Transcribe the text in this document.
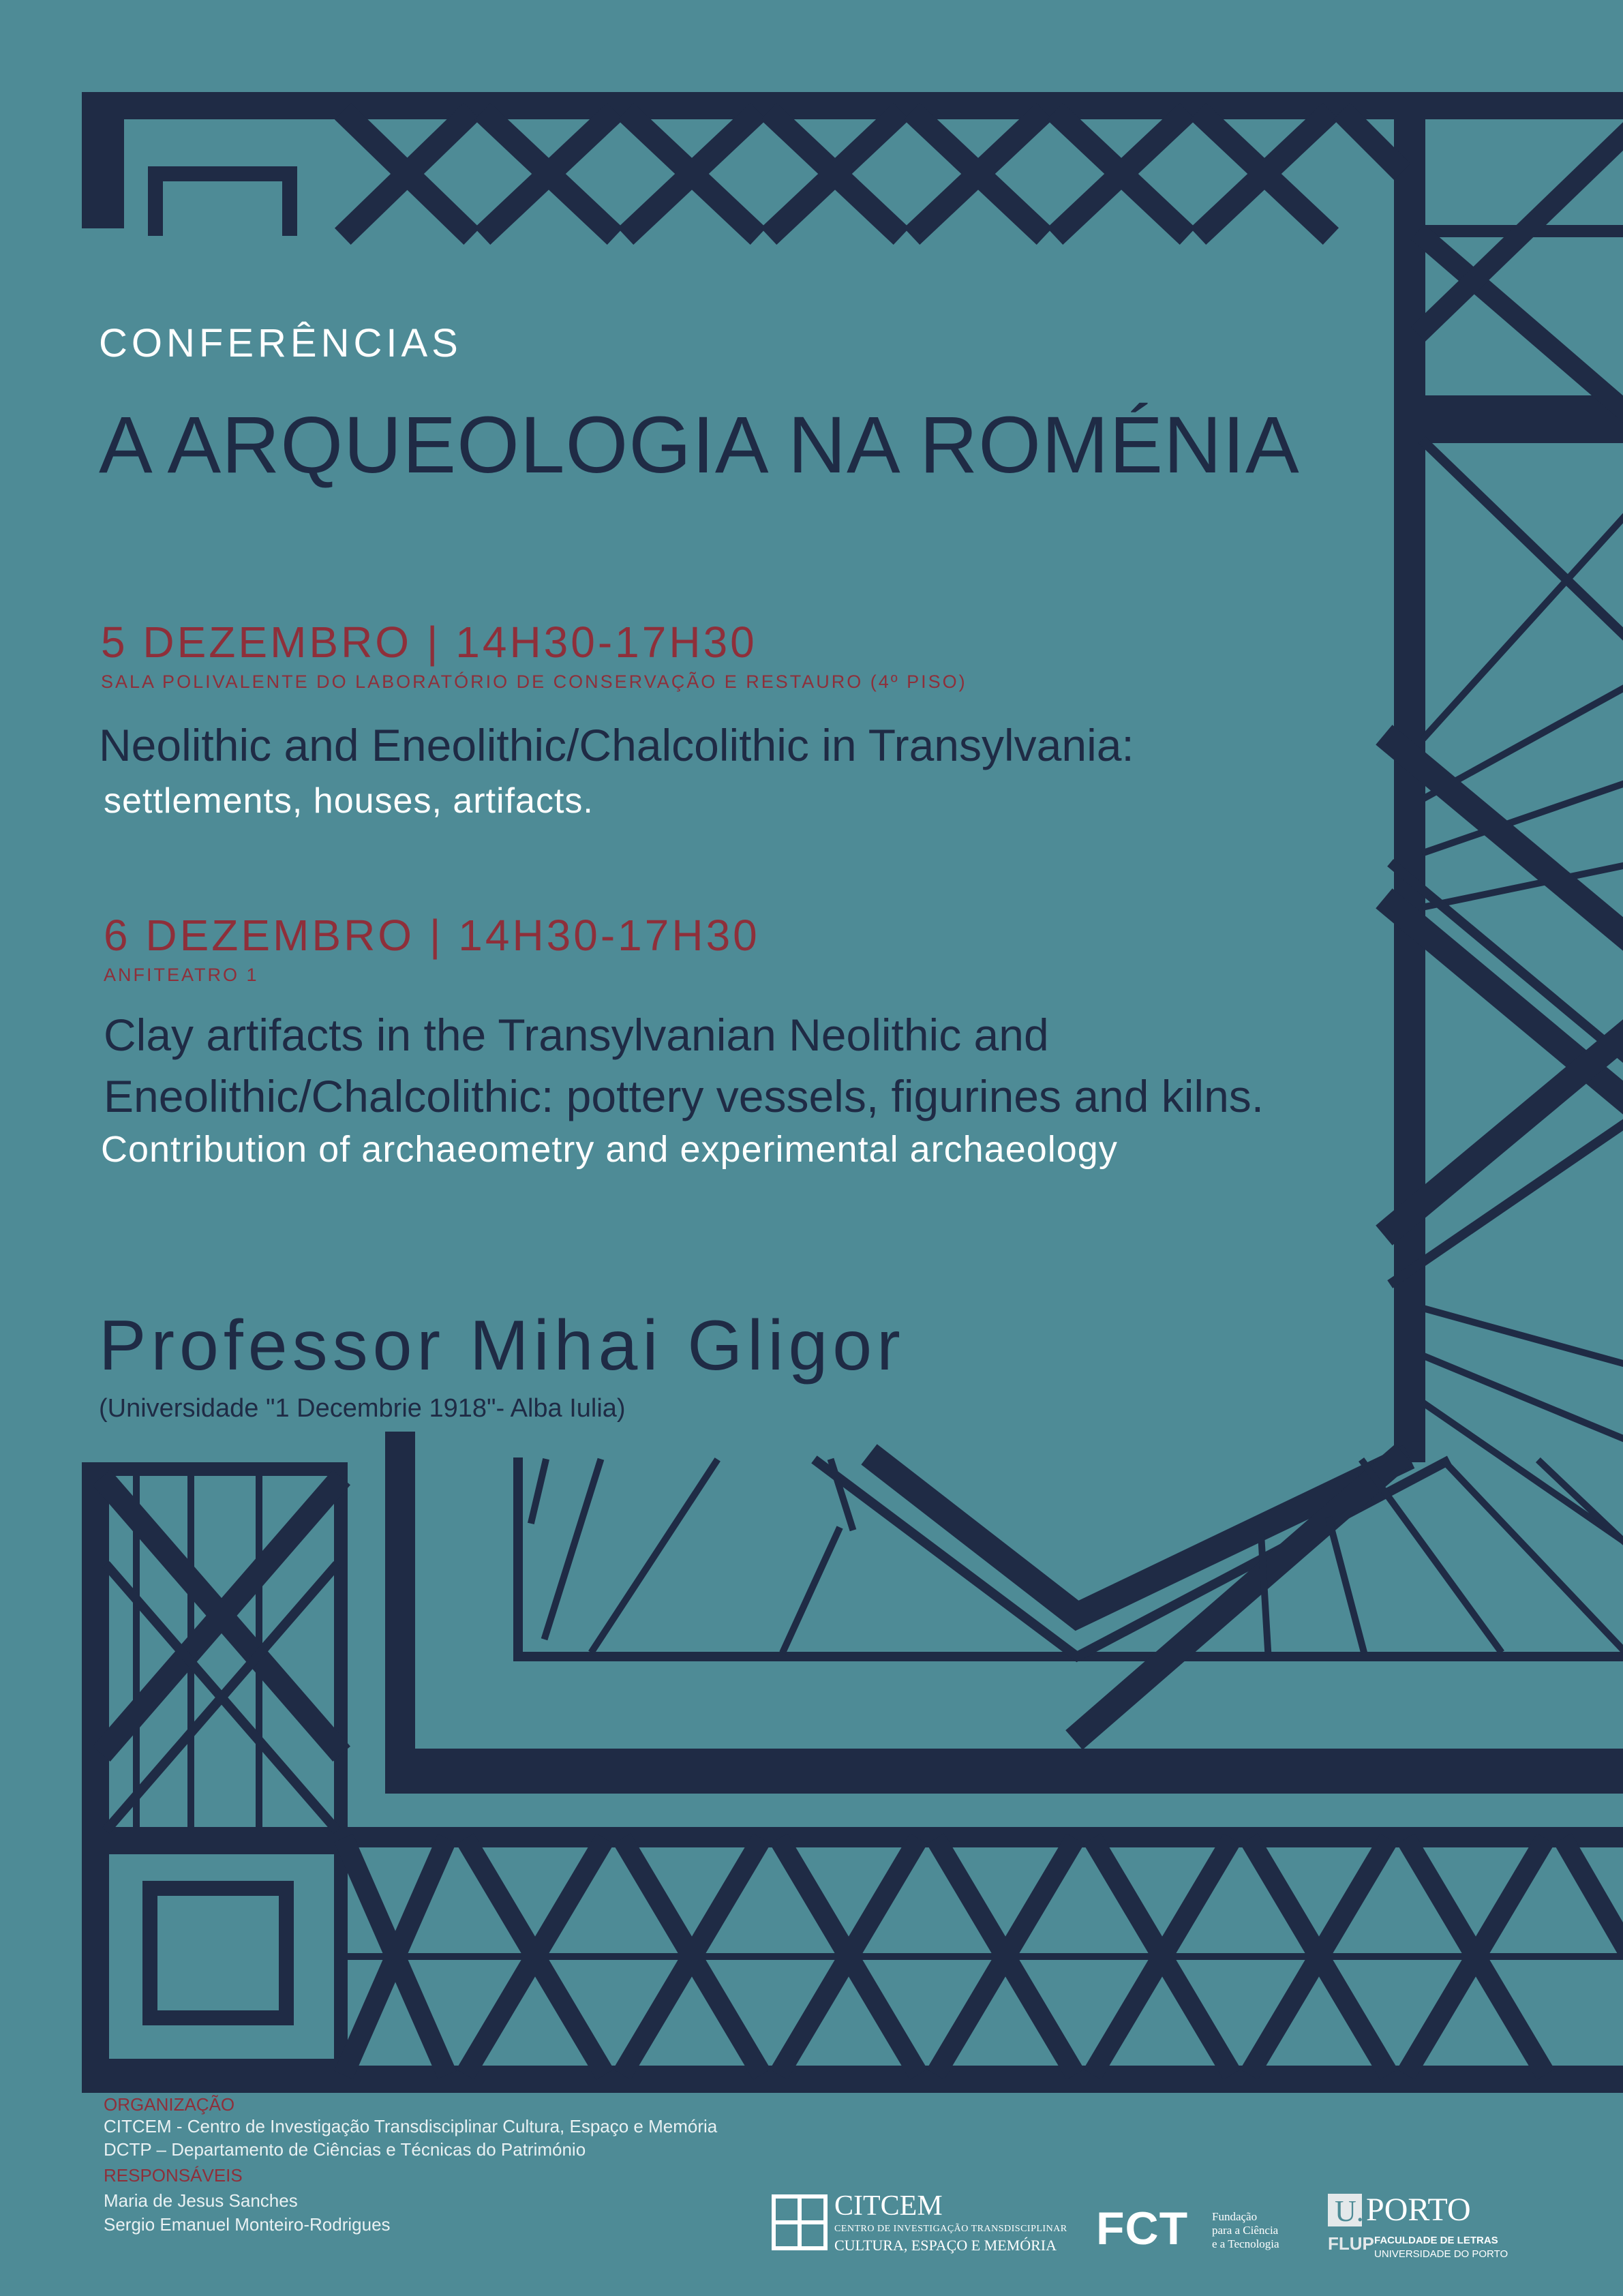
CONFERÊNCIAS

A ARQUEOLOGIA NA ROMÉNIA

5 DEZEMBRO | 14H30-17H30

SALA POLIVALENTE DO LABORATÓRIO DE CONSERVAÇÃO E RESTAURO (4º PISO)

Neolithic and Eneolithic/Chalcolithic in Transylvania:

settlements, houses, artifacts.

6 DEZEMBRO | 14H30-17H30

ANFITEATRO 1

Clay artifacts in the Transylvanian Neolithic and

Eneolithic/Chalcolithic: pottery vessels, figurines and kilns.

Contribution of archaeometry and experimental archaeology

Professor Mihai Gligor

(Universidade "1 Decembrie 1918"- Alba Iulia)

ORGANIZAÇÃO

CITCEM - Centro de Investigação Transdisciplinar Cultura, Espaço e Memória

DCTP – Departamento de Ciências e Técnicas do Património

RESPONSÁVEIS

Maria de Jesus Sanches

Sergio Emanuel Monteiro-Rodrigues

CITCEM

CENTRO DE INVESTIGAÇÃO TRANSDISCIPLINAR

CULTURA, ESPAÇO E MEMÓRIA FCT Fundação

para a Ciência

e a Tecnologia

U. PORTO

FLUP FACULDADE DE LETRAS

UNIVERSIDADE DO PORTO
